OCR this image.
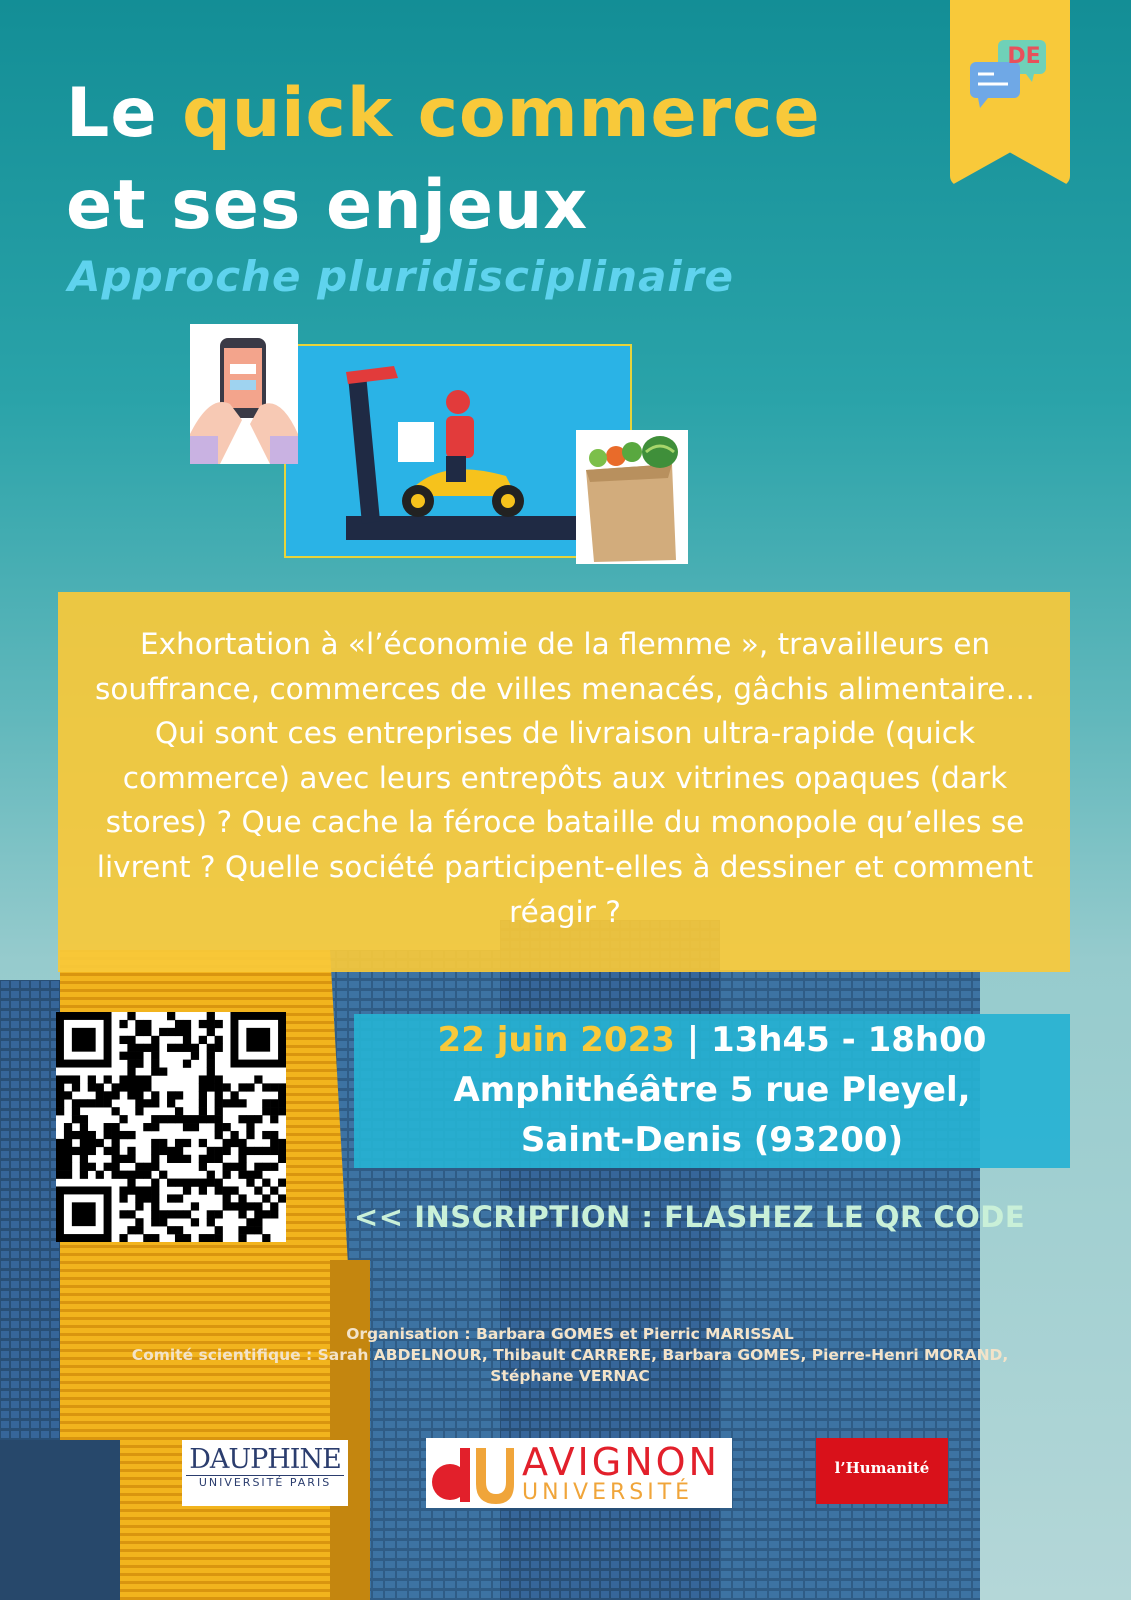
DE
Le quick commerce
et ses enjeux
Approche pluridisciplinaire
Exhortation à «l’économie de la flemme », travailleurs en souffrance, commerces de villes menacés, gâchis alimentaire… Qui sont ces entreprises de livraison ultra-rapide (quick commerce) avec leurs entrepôts aux vitrines opaques (dark stores) ? Que cache la féroce bataille du monopole qu’elles se livrent ? Quelle société participent-elles à dessiner et comment réagir ?
22 juin 2023 | 13h45 - 18h00
Amphithéâtre 5 rue Pleyel,
Saint-Denis (93200)
<< INSCRIPTION : FLASHEZ LE QR CODE
Organisation : Barbara GOMES et Pierric MARISSAL
Comité scientifique : Sarah ABDELNOUR, Thibault CARRERE, Barbara GOMES, Pierre-Henri MORAND, Stéphane VERNAC
DAUPHINE
UNIVERSITÉ PARIS	AVIGNON
UNIVERSITÉ
l’Humanité
